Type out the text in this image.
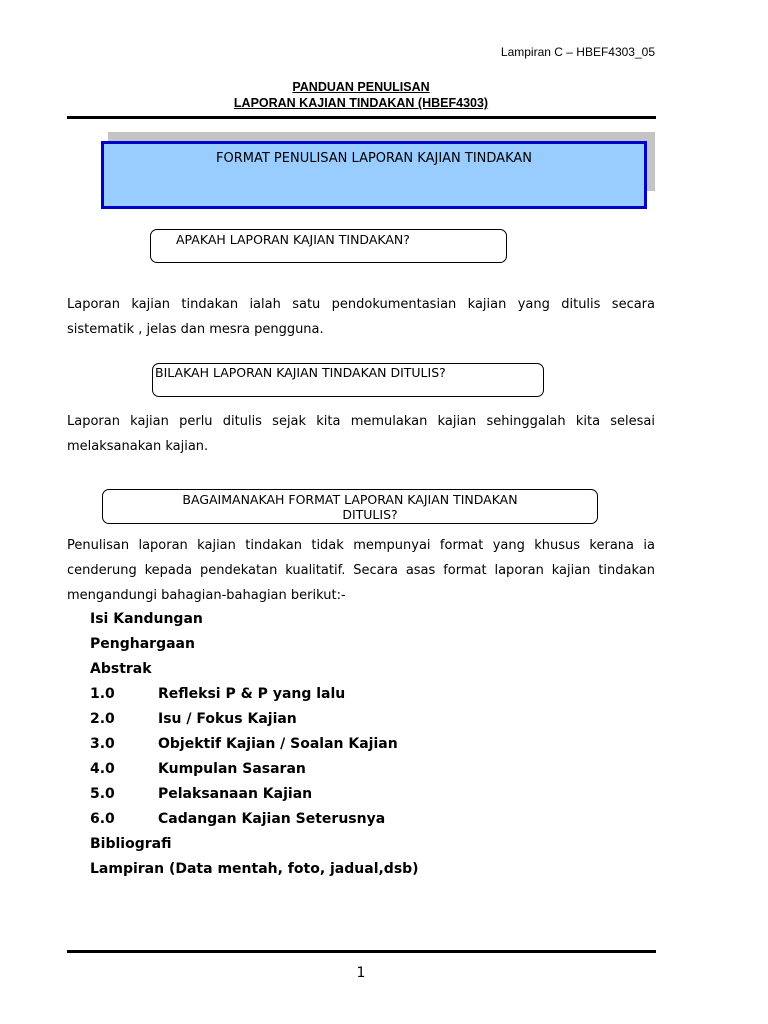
Lampiran C – HBEF4303_05
PANDUAN PENULISAN
LAPORAN KAJIAN TINDAKAN (HBEF4303)
FORMAT PENULISAN LAPORAN KAJIAN TINDAKAN
APAKAH LAPORAN KAJIAN TINDAKAN?

Laporan kajian tindakan ialah satu pendokumentasian kajian yang ditulis secara sistematik , jelas dan mesra pengguna.

BILAKAH LAPORAN KAJIAN TINDAKAN DITULIS?

Laporan kajian perlu ditulis sejak kita memulakan kajian sehinggalah kita selesai melaksanakan kajian.

BAGAIMANAKAH FORMAT LAPORAN KAJIAN TINDAKAN
DITULIS?

Penulisan laporan kajian tindakan tidak mempunyai format yang khusus kerana ia cenderung kepada pendekatan kualitatif. Secara asas format laporan kajian tindakan mengandungi bahagian-bahagian berikut:-

Isi Kandungan
Penghargaan
Abstrak
1.0	Refleksi P & P yang lalu
2.0	Isu / Fokus Kajian
3.0	Objektif Kajian / Soalan Kajian
4.0	Kumpulan Sasaran
5.0	Pelaksanaan Kajian
6.0	Cadangan Kajian Seterusnya
Bibliografi
Lampiran (Data mentah, foto, jadual,dsb)
1
